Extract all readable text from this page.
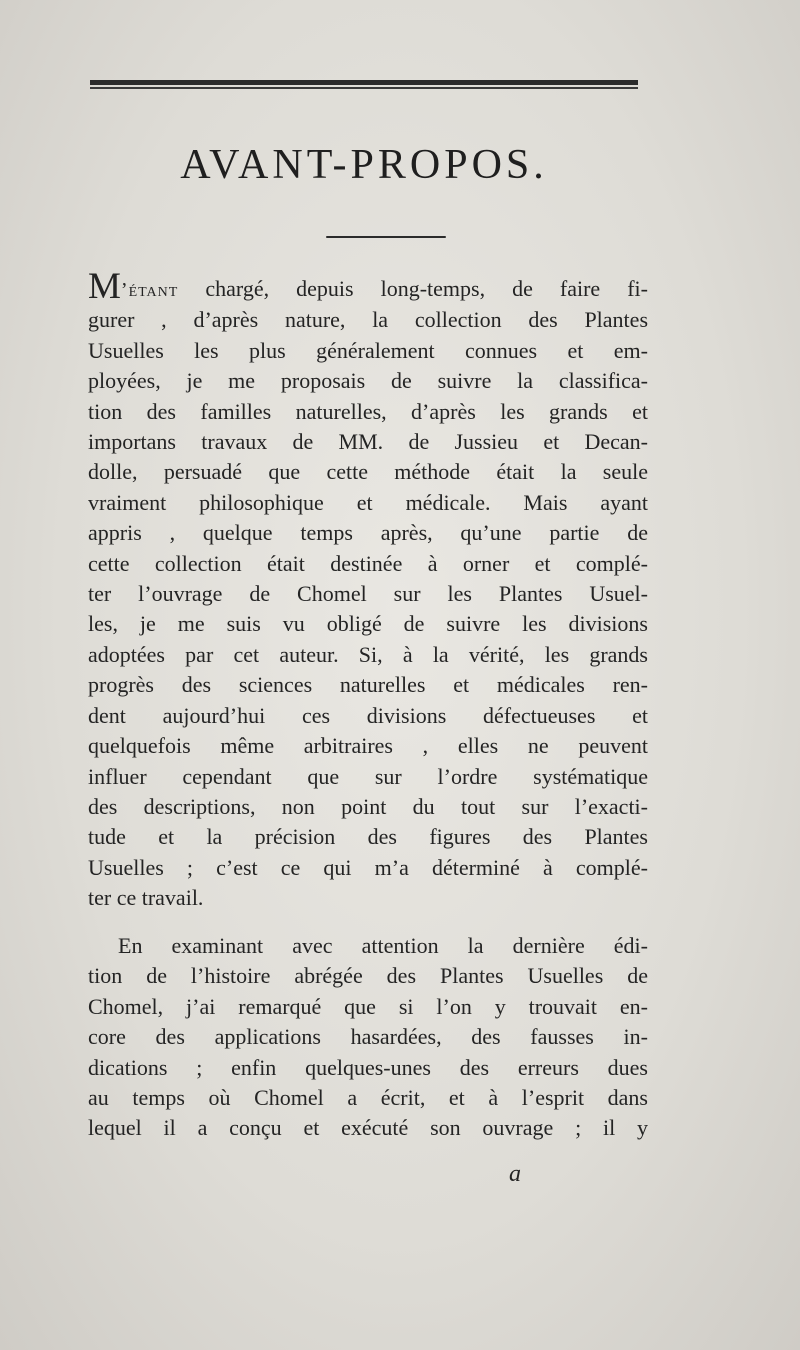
AVANT-PROPOS.
M’étant chargé, depuis long-temps, de faire fi-
gurer , d’après nature, la collection des Plantes
Usuelles les plus généralement connues et em-
ployées, je me proposais de suivre la classifica-
tion des familles naturelles, d’après les grands et
importans travaux de MM. de Jussieu et Decan-
dolle, persuadé que cette méthode était la seule
vraiment philosophique et médicale. Mais ayant
appris , quelque temps après, qu’une partie de
cette collection était destinée à orner et complé-
ter l’ouvrage de Chomel sur les Plantes Usuel-
les, je me suis vu obligé de suivre les divisions
adoptées par cet auteur. Si, à la vérité, les grands
progrès des sciences naturelles et médicales ren-
dent aujourd’hui ces divisions défectueuses et
quelquefois même arbitraires , elles ne peuvent
influer cependant que sur l’ordre systématique
des descriptions, non point du tout sur l’exacti-
tude et la précision des figures des Plantes
Usuelles ; c’est ce qui m’a déterminé à complé-
ter ce travail.
En examinant avec attention la dernière édi-
tion de l’histoire abrégée des Plantes Usuelles de
Chomel, j’ai remarqué que si l’on y trouvait en-
core des applications hasardées, des fausses in-
dications ; enfin quelques-unes des erreurs dues
au temps où Chomel a écrit, et à l’esprit dans
lequel il a conçu et exécuté son ouvrage ; il y
a
